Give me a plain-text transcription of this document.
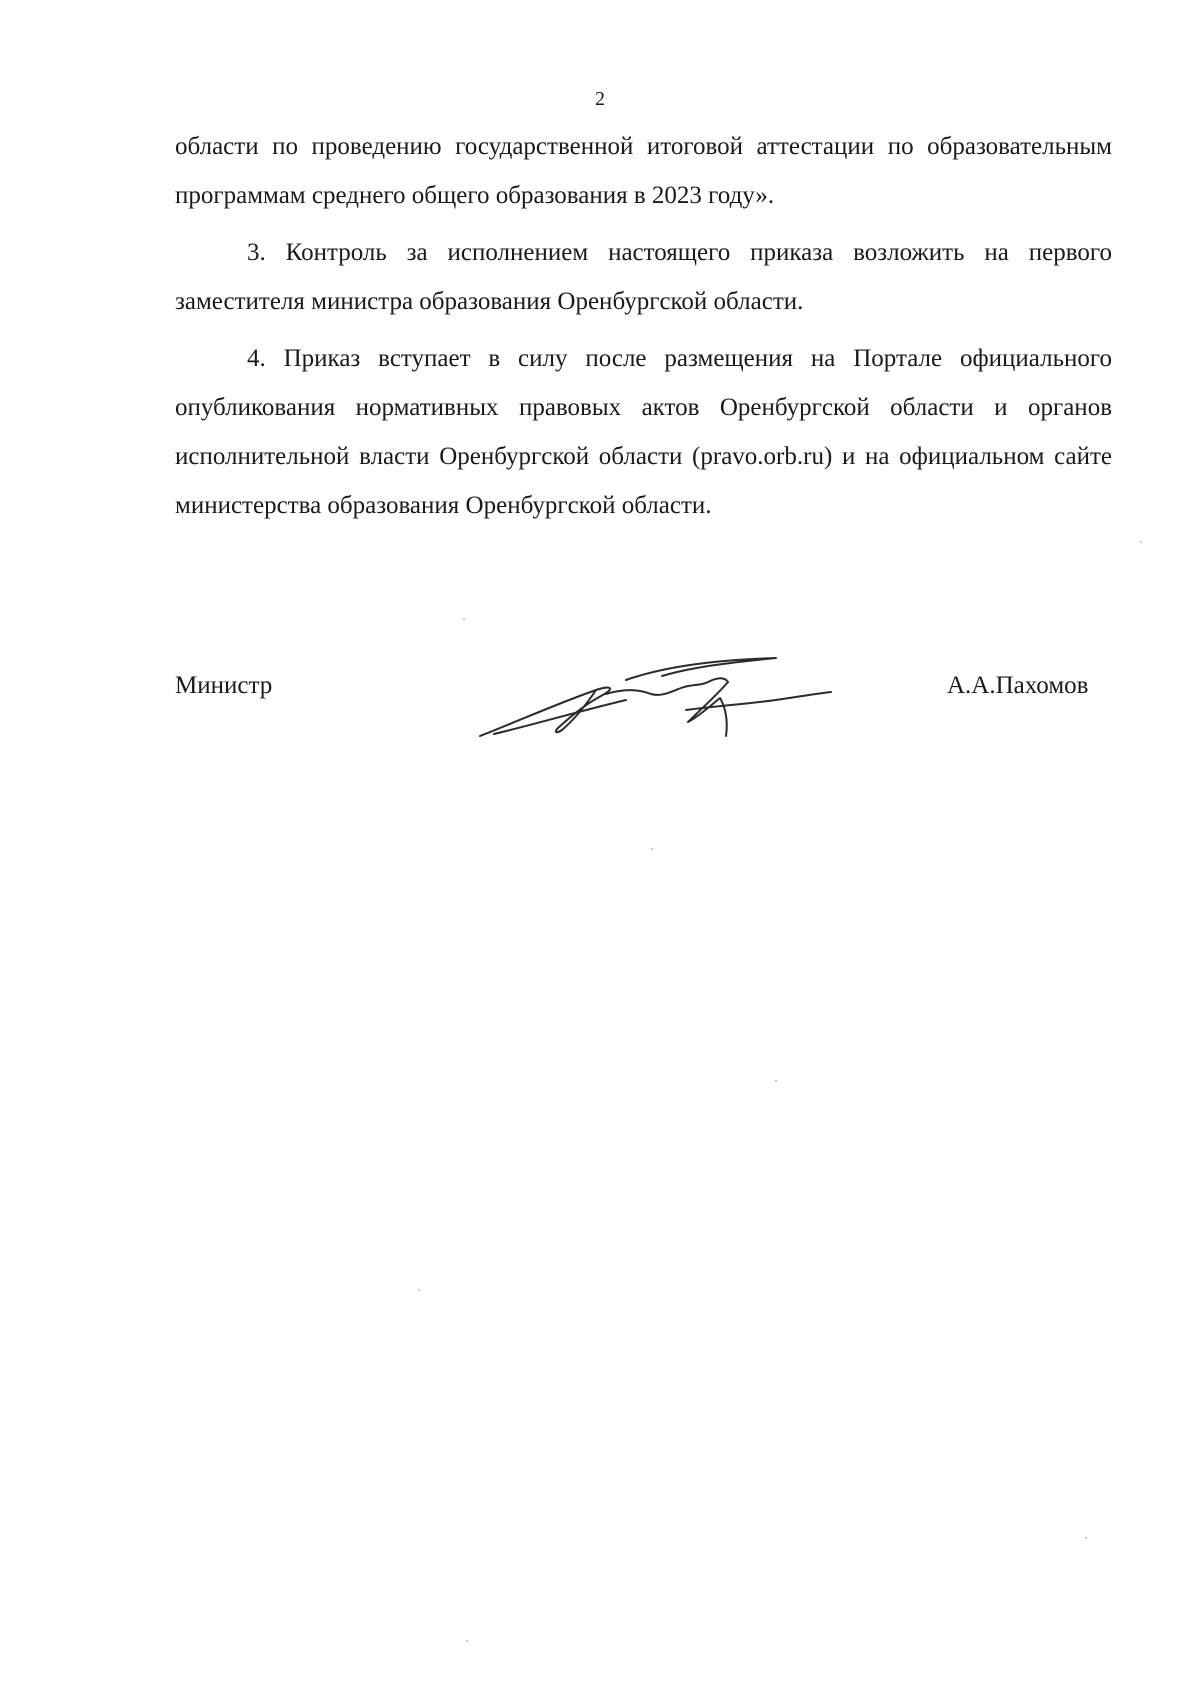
2

области по проведению государственной итоговой аттестации по образовательным программам среднего общего образования в 2023 году».

3. Контроль за исполнением настоящего приказа возложить на первого заместителя министра образования Оренбургской области.

4. Приказ вступает в силу после размещения на Портале официального опубликования нормативных правовых актов Оренбургской области и органов исполнительной власти Оренбургской области (pravo.orb.ru) и на официальном сайте министерства образования Оренбургской области.

Министр	А.А.Пахомов
